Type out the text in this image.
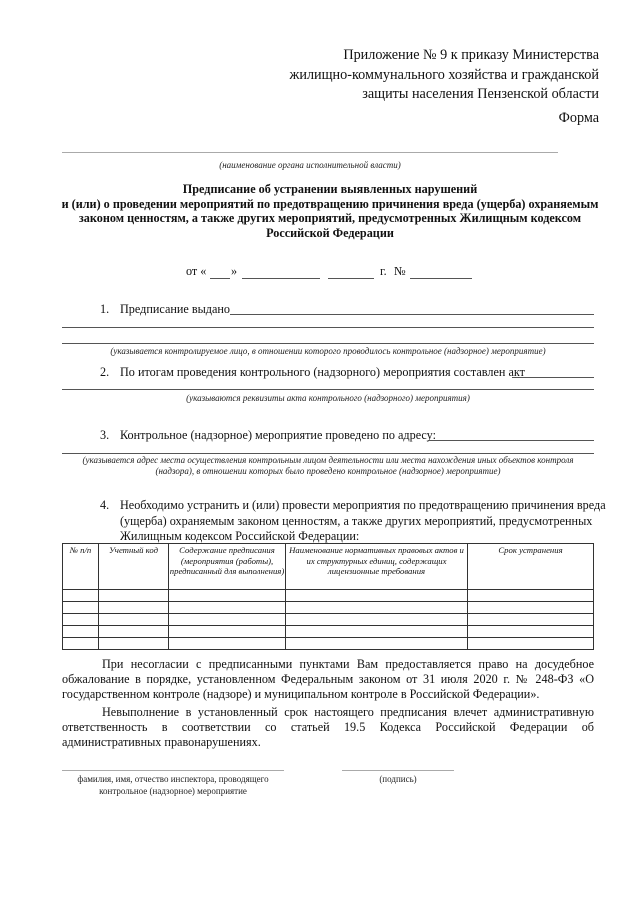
Приложение № 9 к приказу Министерства
жилищно-коммунального хозяйства и гражданской
защиты населения Пензенской области
Форма
(наименование органа исполнительной власти)
Предписание об устранении выявленных нарушений
и (или) о проведении мероприятий по предотвращению причинения вреда (ущерба) охраняемым
законом ценностям, а также других мероприятий, предусмотренных Жилищным кодексом
Российской Федерации
от « »	г. №
1. Предписание выдано
(указывается контролируемое лицо, в отношении которого проводилось контрольное (надзорное) мероприятие)
2. По итогам проведения контрольного (надзорного) мероприятия составлен акт
(указываются реквизиты акта контрольного (надзорного) мероприятия)
3. Контрольное (надзорное) мероприятие проведено по адресу:
(указывается адрес места осуществления контрольным лицом деятельности или места нахождения иных объектов контроля
(надзора), в отношении которых было проведено контрольное (надзорное) мероприятие)
4. Необходимо устранить и (или) провести мероприятия по предотвращению причинения вреда
(ущерба) охраняемым законом ценностям, а также других мероприятий, предусмотренных
Жилищным кодексом Российской Федерации:
№ п/п	Учетный код	Содержание предписания (мероприятия (работы), предписанный для выполнения)	Наименование нормативных правовых актов и их структурных единиц, содержащих лицензионные требования	Срок устранения

При несогласии с предписанными пунктами Вам предоставляется право на досудебное обжалование в порядке, установленном Федеральным законом от 31 июля 2020 г. № 248-ФЗ «О государственном контроле (надзоре) и муниципальном контроле в Российской Федерации».
Невыполнение в установленный срок настоящего предписания влечет административную ответственность в соответствии со статьей 19.5 Кодекса Российской Федерации об административных правонарушениях.
фамилия, имя, отчество инспектора, проводящего
контрольное (надзорное) мероприятие
(подпись)
